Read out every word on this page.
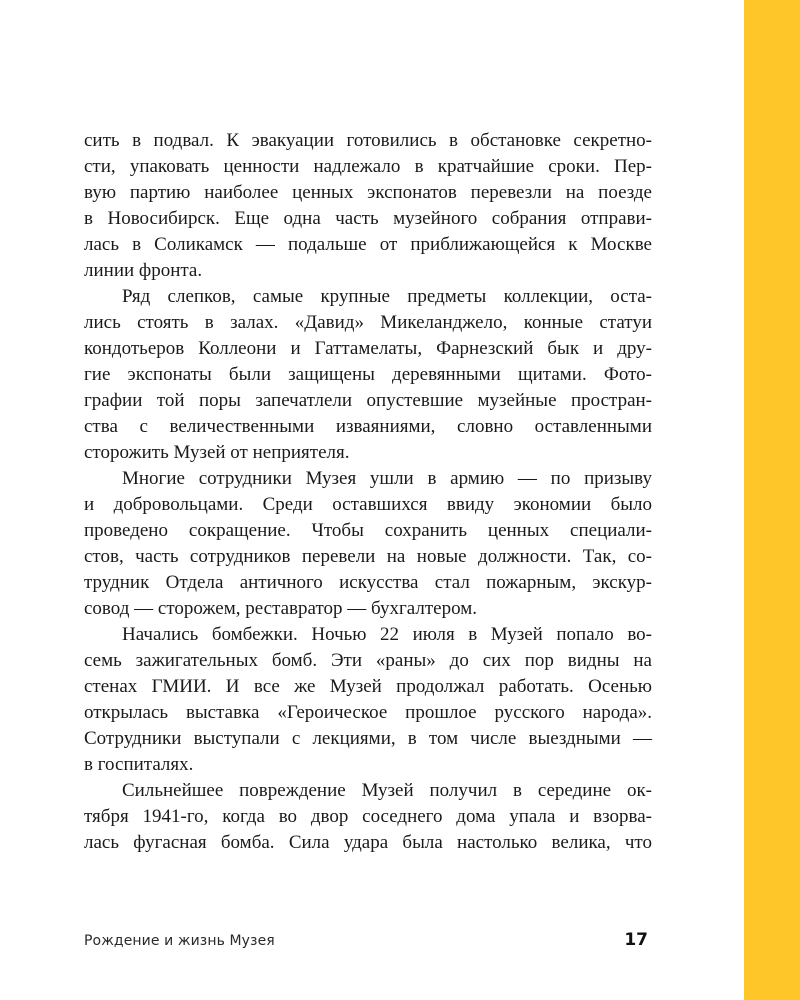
сить в подвал. К эвакуации готовились в обстановке секретно-
сти, упаковать ценности надлежало в кратчайшие сроки. Пер-
вую партию наиболее ценных экспонатов перевезли на поезде
в Новосибирск. Еще одна часть музейного собрания отправи-
лась в Соликамск — подальше от приближающейся к Москве
линии фронта.
Ряд слепков, самые крупные предметы коллекции, оста-
лись стоять в залах. «Давид» Микеланджело, конные статуи
кондотьеров Коллеони и Гаттамелаты, Фарнезский бык и дру-
гие экспонаты были защищены деревянными щитами. Фото-
графии той поры запечатлели опустевшие музейные простран-
ства с величественными изваяниями, словно оставленными
сторожить Музей от неприятеля.
Многие сотрудники Музея ушли в армию — по призыву
и добровольцами. Среди оставшихся ввиду экономии было
проведено сокращение. Чтобы сохранить ценных специали-
стов, часть сотрудников перевели на новые должности. Так, со-
трудник Отдела античного искусства стал пожарным, экскур-
совод — сторожем, реставратор — бухгалтером.
Начались бомбежки. Ночью 22 июля в Музей попало во-
семь зажигательных бомб. Эти «раны» до сих пор видны на
стенах ГМИИ. И все же Музей продолжал работать. Осенью
открылась выставка «Героическое прошлое русского народа».
Сотрудники выступали с лекциями, в том числе выездными —
в госпиталях.
Сильнейшее повреждение Музей получил в середине ок-
тября 1941-го, когда во двор соседнего дома упала и взорва-
лась фугасная бомба. Сила удара была настолько велика, что
Рождение и жизнь Музея	17
